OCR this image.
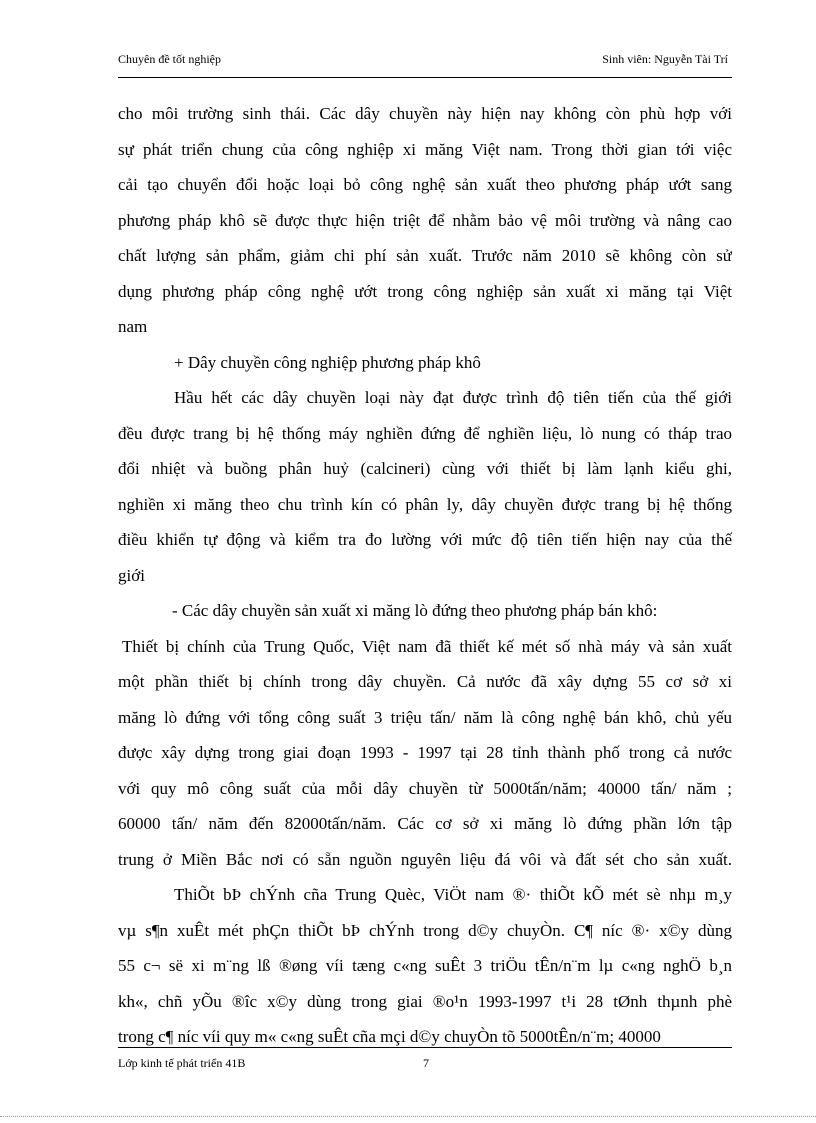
Chuyên đề tốt nghiệp	Sinh viên: Nguyễn Tài Trí
cho môi trường sinh thái. Các dây chuyền này hiện nay không còn phù hợp với
sự phát triển chung của công nghiệp xi măng Việt nam. Trong thời gian tới việc
cải tạo chuyển đổi hoặc loại bỏ công nghệ sản xuất theo phương pháp ướt sang
phương pháp khô sẽ được thực hiện triệt để nhằm bảo vệ môi trường và nâng cao
chất lượng sản phẩm, giảm chi phí sản xuất. Trước năm 2010 sẽ không còn sử
dụng phương pháp công nghệ ướt trong công nghiệp sản xuất xi măng tại Việt
nam
+ Dây chuyền công nghiệp phương pháp khô
Hầu hết các dây chuyền loại này đạt được trình độ tiên tiến của thế giới
đều được trang bị hệ thống máy nghiền đứng để nghiền liệu, lò nung có tháp trao
đổi nhiệt và buồng phân huỷ (calcineri) cùng với thiết bị làm lạnh kiểu ghi,
nghiền xi măng theo chu trình kín có phân ly, dây chuyền được trang bị hệ thống
điều khiển tự động và kiểm tra đo lường với mức độ tiên tiến hiện nay của thế
giới
- Các dây chuyền sản xuất xi măng lò đứng theo phương pháp bán khô:
Thiết bị chính của Trung Quốc, Việt nam đã thiết kế mét số nhà máy và sản xuất
một phần thiết bị chính trong dây chuyền. Cả nước đã xây dựng 55 cơ sở xi
măng lò đứng với tổng công suất 3 triệu tấn/ năm là công nghệ bán khô, chủ yếu
được xây dựng trong giai đoạn 1993 - 1997 tại 28 tỉnh thành phố trong cả nước
với quy mô công suất của mỗi dây chuyền từ 5000tấn/năm; 40000 tấn/ năm ;
60000 tấn/ năm đến 82000tấn/năm. Các cơ sở xi măng lò đứng phần lớn tập
trung ở Miền Bắc nơi có sẵn nguồn nguyên liệu đá vôi và đất sét cho sản xuất.
ThiÕt bÞ chÝnh cña Trung Quèc, ViÖt nam ®· thiÕt kÕ mét sè nhµ m¸y
vµ s¶n xuÊt mét phÇn thiÕt bÞ chÝnh trong d©y chuyÒn. C¶ níc ®· x©y dùng
55 c¬ së xi m¨ng lß ®øng víi tæng c«ng suÊt 3 triÖu tÊn/n¨m lµ c«ng nghÖ b¸n
kh«, chñ yÕu ®îc x©y dùng trong giai ®o¹n 1993-1997 t¹i 28 tØnh thµnh phè
trong c¶ níc víi quy m« c«ng suÊt cña mçi d©y chuyÒn tõ 5000tÊn/n¨m; 40000
Lớp kinh tế phát triển 41B	7
